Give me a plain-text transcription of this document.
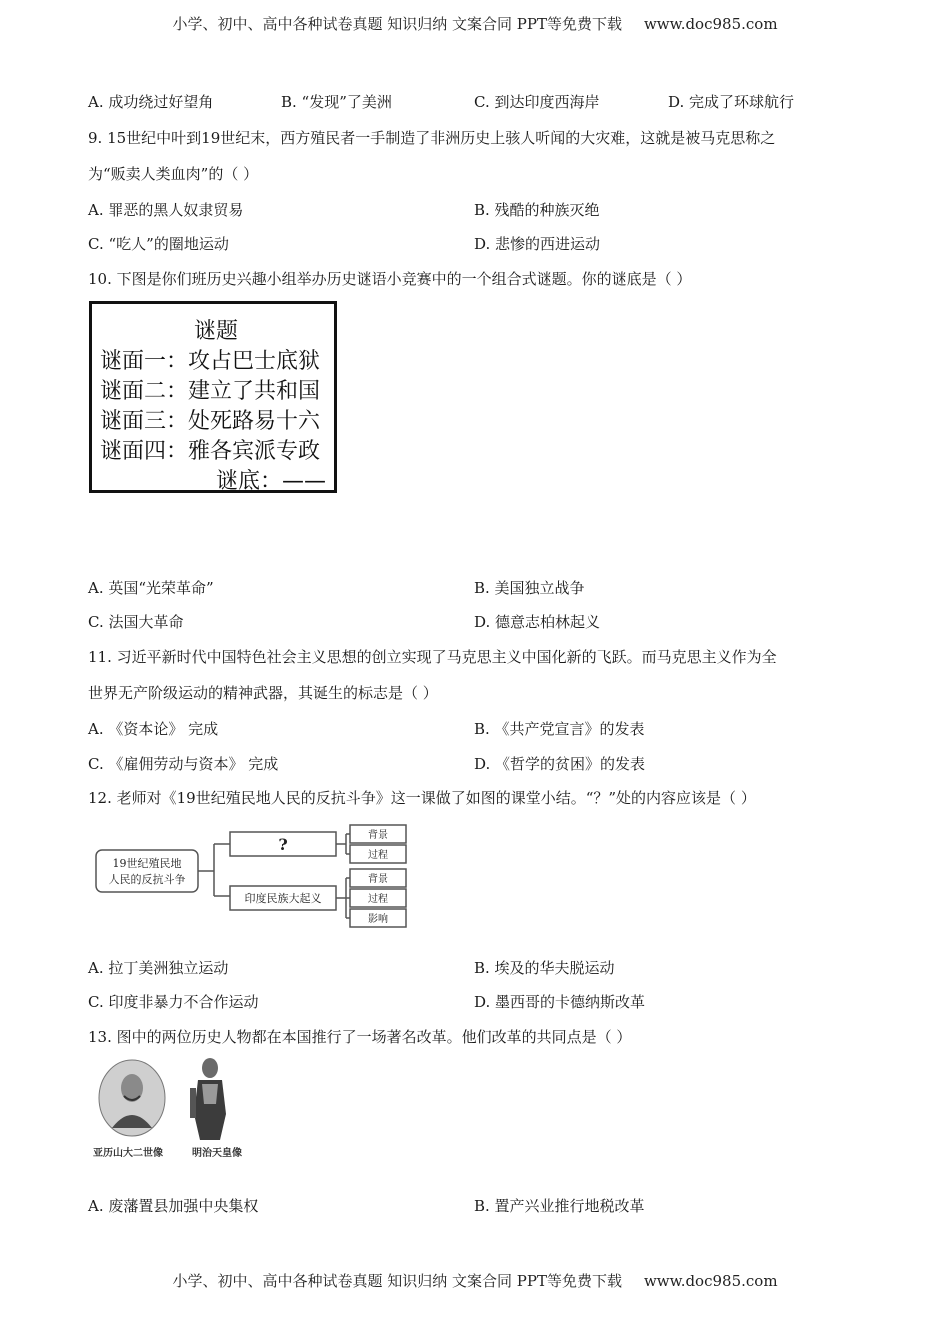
小学、初中、高中各种试卷真题 知识归纳 文案合同 PPT等免费下载 www.doc985.com
A. 成功绕过好望角	B. “发现”了美洲	C. 到达印度西海岸	D. 完成了环球航行
9. 15世纪中叶到19世纪末，西方殖民者一手制造了非洲历史上骇人听闻的大灾难，这就是被马克思称之
为“贩卖人类血肉”的（ ）
A. 罪恶的黑人奴隶贸易	B. 残酷的种族灭绝
C. “吃人”的圈地运动	D. 悲惨的西进运动
10. 下图是你们班历史兴趣小组举办历史谜语小竞赛中的一个组合式谜题。你的谜底是（ ）
谜题
谜面一：攻占巴士底狱
谜面二：建立了共和国
谜面三：处死路易十六
谜面四：雅各宾派专政
谜底：——
A. 英国“光荣革命”	B. 美国独立战争
C. 法国大革命	D. 德意志柏林起义
11. 习近平新时代中国特色社会主义思想的创立实现了马克思主义中国化新的飞跃。而马克思主义作为全
世界无产阶级运动的精神武器，其诞生的标志是（ ）
A. 《资本论》 完成	B. 《共产党宣言》的发表
C. 《雇佣劳动与资本》 完成	D. 《哲学的贫困》的发表
12. 老师对《19世纪殖民地人民的反抗斗争》这一课做了如图的课堂小结。“？”处的内容应该是（ ）
19世纪殖民地
人民的反抗斗争
?	背景
过程
印度民族大起义
背景
过程
影响
A. 拉丁美洲独立运动	B. 埃及的华夫脱运动
C. 印度非暴力不合作运动	D. 墨西哥的卡德纳斯改革
13. 图中的两位历史人物都在本国推行了一场著名改革。他们改革的共同点是（ ）
亚历山大二世像	明治天皇像
A. 废藩置县加强中央集权	B. 置产兴业推行地税改革
小学、初中、高中各种试卷真题 知识归纳 文案合同 PPT等免费下载 www.doc985.com
